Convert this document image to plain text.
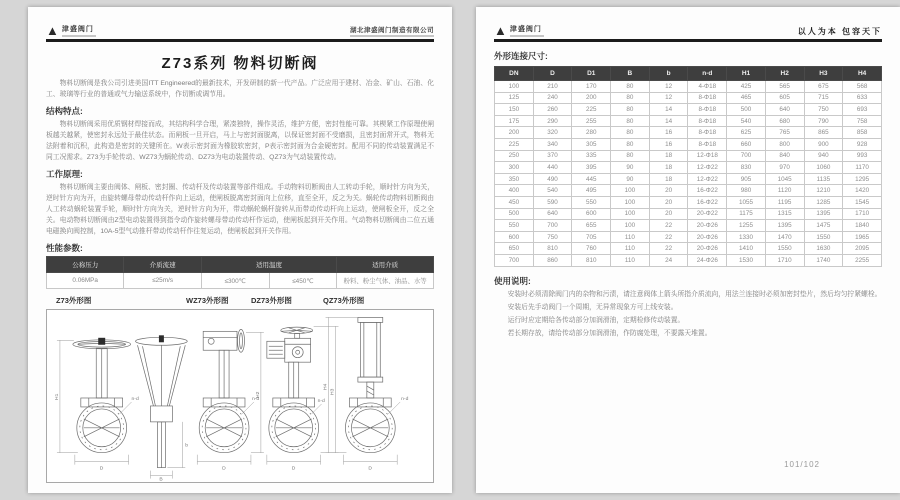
▲ 津盛阀门	湖北津盛阀门制造有限公司
Z73系列 物料切断阀

物料切断阀是我公司引进美国ITT Engineered的最新技术，开发研制的新一代产品。广泛应用于建材、冶金、矿山、石油、化工、玻璃等行业的普通或气力输送系统中，作切断或调节用。

结构特点:

物料切断阀采用优质钢材焊接而成，其结构科学合理，紧凑独特，操作灵活，维护方便，密封性能可靠。其楔紧工作原理使闸板越关越紧，使密封永远处于最佳状态。而闸板一旦开启，马上与密封面脱离，以保证密封面不受磨损，且密封面常开式，物料无法附着和沉积，此构造是密封的关键所在。W表示密封面为橡胶软密封，P表示密封面为合金硬密封。配用不同的传动装置满足不同工况需求。Z73为手轮传动、WZ73为蜗轮传动、DZ73为电动装置传动、QZ73为气动装置传动。

工作原理:

物料切断阀主要由阀体、闸板、密封圈、传动杆及传动装置等部件组成。手动物料切断阀由人工转动手轮，顺时针方向为关，逆时针方向为开，由旋转螺母带动传动杆作向上运动，使闸板脱离密封面向上位移，直至全开，反之为关。蜗轮传动物料切断阀由人工转动蜗轮装置手轮，顺时针方向为关，逆时针方向为开，带动蜗轮蜗杆旋转从而带动传动杆向上运动，使闸板全开，反之全关。电动物料切断阀由Z型电动装置得到指令动作旋转螺母带动传动杆作运动，使闸板起到开关作用。气动物料切断阀由二位五通电磁换向阀控制，10A-5型气动推杆带动传动杆作往复运动，使闸板起到开关作用。

性能参数:
公称压力	介质流速	适用温度		适用介质
0.06MPa	≤25m/s	≤300℃	≤450℃	粉料、粉尘气体、油品、水等
Z73外形图	WZ73外形图	DZ73外形图	QZ73外形图
H1
D
n-d
b
B
H2
D
n-d
H3
D
n-d
H4
D
n-d
▲ 津盛阀门	以人为本 包容天下
外形连接尺寸:
DN	D	D1	B	b	n-d	H1	H2	H3	H4
100	210	170	80	12	4-Φ18	425	565	675	568
125	240	200	80	12	8-Φ18	465	605	715	633
150	260	225	80	14	8-Φ18	500	640	750	693
175	290	255	80	14	8-Φ18	540	680	790	758
200	320	280	80	16	8-Φ18	625	765	865	858
225	340	305	80	16	8-Φ18	660	800	900	928
250	370	335	80	18	12-Φ18	700	840	940	993
300	440	395	90	18	12-Φ22	830	970	1060	1170
350	490	445	90	18	12-Φ22	905	1045	1135	1295
400	540	495	100	20	16-Φ22	980	1120	1210	1420
450	590	550	100	20	16-Φ22	1055	1195	1285	1545
500	640	600	100	20	20-Φ22	1175	1315	1395	1710
550	700	655	100	22	20-Φ26	1255	1395	1475	1840
600	750	705	110	22	20-Φ26	1330	1470	1550	1965
650	810	760	110	22	20-Φ26	1410	1550	1630	2095
700	860	810	110	24	24-Φ26	1530	1710	1740	2255
使用说明:

安装时必须清除阀门内的杂物和污渍，请注意阀体上箭头所指介质流向，用法兰连接时必须加密封垫片，然后均匀拧紧螺栓。

安装后先手动阀门一个周期，无异常现象方可上线安装。

运行时应定期给各传动部分加润滑油，定期检修传动装置。

若长期存放，请给传动部分加润滑油，作防腐处理，不要露天堆置。

101/102
